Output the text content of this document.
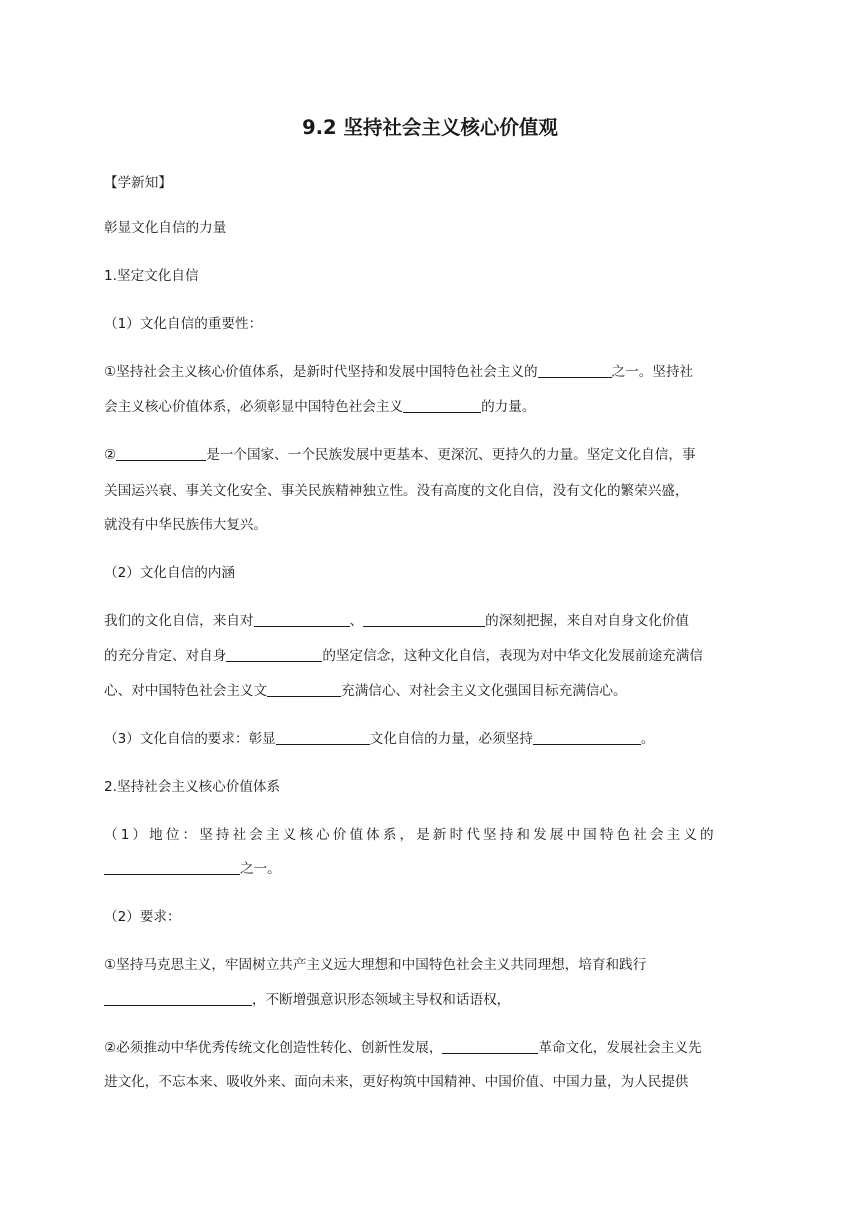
9.2 坚持社会主义核心价值观

【学新知】

彰显文化自信的力量

1.坚定文化自信

（1）文化自信的重要性：

①坚持社会主义核心价值体系，是新时代坚持和发展中国特色社会主义的	之一。坚持社

会主义核心价值体系，必须彰显中国特色社会主义	的力量。

②	是一个国家、一个民族发展中更基本、更深沉、更持久的力量。坚定文化自信，事

关国运兴衰、事关文化安全、事关民族精神独立性。没有高度的文化自信，没有文化的繁荣兴盛，

就没有中华民族伟大复兴。

（2）文化自信的内涵

我们的文化自信，来自对	、	的深刻把握，来自对自身文化价值

的充分肯定、对自身	的坚定信念，这种文化自信，表现为对中华文化发展前途充满信

心、对中国特色社会主义文	充满信心、对社会主义文化强国目标充满信心。

（3）文化自信的要求：彰显	文化自信的力量，必须坚持	。

2.坚持社会主义核心价值体系

（1）地位：坚持社会主义核心价值体系，是新时代坚持和发展中国特色社会主义的

之一。

（2）要求：

①坚持马克思主义，牢固树立共产主义远大理想和中国特色社会主义共同理想，培育和践行

，不断增强意识形态领域主导权和话语权，

②必须推动中华优秀传统文化创造性转化、创新性发展，	革命文化，发展社会主义先

进文化，不忘本来、吸收外来、面向未来，更好构筑中国精神、中国价值、中国力量，为人民提供
